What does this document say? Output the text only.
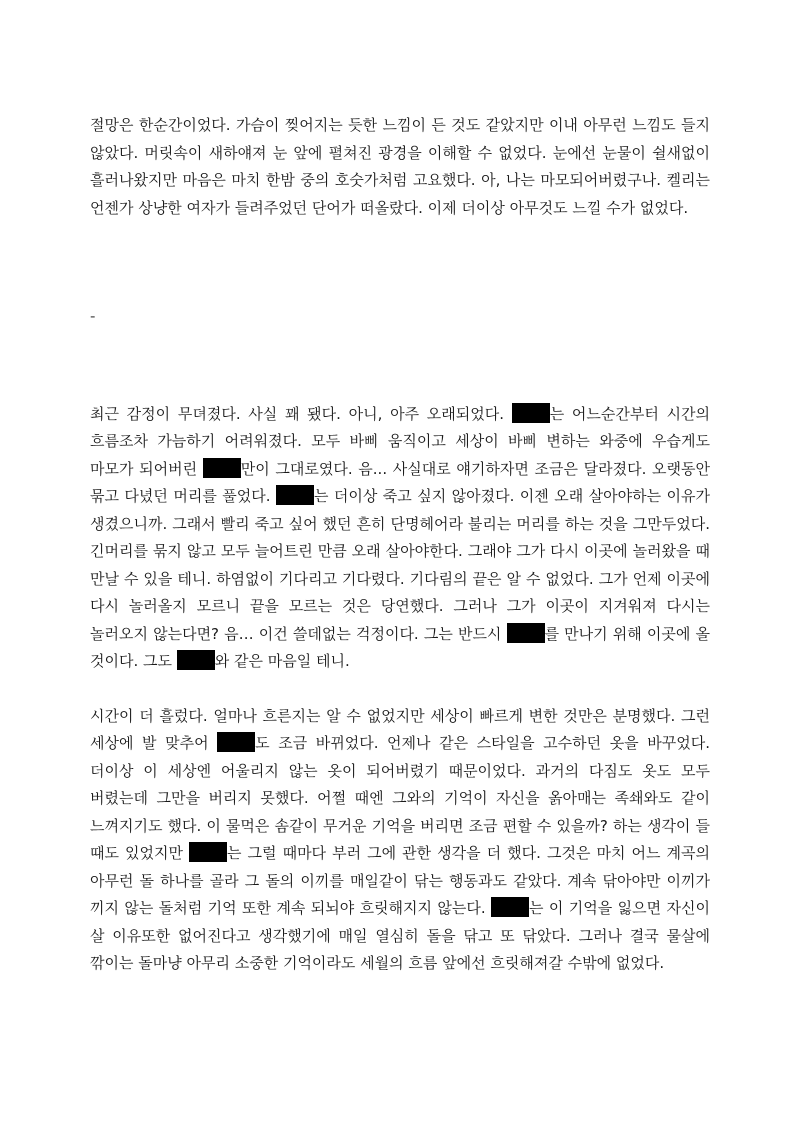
절망은 한순간이었다. 가슴이 찢어지는 듯한 느낌이 든 것도 같았지만 이내 아무런 느낌도 들지 않았다. 머릿속이 새하얘져 눈 앞에 펼쳐진 광경을 이해할 수 없었다. 눈에선 눈물이 쉴새없이 흘러나왔지만 마음은 마치 한밤 중의 호숫가처럼 고요했다. 아, 나는 마모되어버렸구나. 켈리는 언젠가 상냥한 여자가 들려주었던 단어가 떠올랐다. 이제 더이상 아무것도 느낄 수가 없었다.

-

최근 감정이 무뎌졌다. 사실 꽤 됐다. 아니, 아주 오래되었다.	는 어느순간부터 시간의 흐름조차 가늠하기 어려워졌다. 모두 바삐 움직이고 세상이 바삐 변하는 와중에 우습게도 마모가 되어버린	만이 그대로였다. 음... 사실대로 얘기하자면 조금은 달라졌다. 오랫동안 묶고 다녔던 머리를 풀었다.	는 더이상 죽고 싶지 않아졌다. 이젠 오래 살아야하는 이유가 생겼으니까. 그래서 빨리 죽고 싶어 했던 흔히 단명헤어라 불리는 머리를 하는 것을 그만두었다. 긴머리를 묶지 않고 모두 늘어트린 만큼 오래 살아야한다. 그래야 그가 다시 이곳에 놀러왔을 때 만날 수 있을 테니. 하염없이 기다리고 기다렸다. 기다림의 끝은 알 수 없었다. 그가 언제 이곳에 다시 놀러올지 모르니 끝을 모르는 것은 당연했다. 그러나 그가 이곳이 지겨워져 다시는 놀러오지 않는다면? 음… 이건 쓸데없는 걱정이다. 그는 반드시	를 만나기 위해 이곳에 올 것이다. 그도	와 같은 마음일 테니.

시간이 더 흘렀다. 얼마나 흐른지는 알 수 없었지만 세상이 빠르게 변한 것만은 분명했다. 그런 세상에 발 맞추어	도 조금 바뀌었다. 언제나 같은 스타일을 고수하던 옷을 바꾸었다. 더이상 이 세상엔 어울리지 않는 옷이 되어버렸기 때문이었다. 과거의 다짐도 옷도 모두 버렸는데 그만을 버리지 못했다. 어쩔 때엔 그와의 기억이 자신을 옭아매는 족쇄와도 같이 느껴지기도 했다. 이 물먹은 솜같이 무거운 기억을 버리면 조금 편할 수 있을까? 하는 생각이 들 때도 있었지만	는 그럴 때마다 부러 그에 관한 생각을 더 했다. 그것은 마치 어느 계곡의 아무런 돌 하나를 골라 그 돌의 이끼를 매일같이 닦는 행동과도 같았다. 계속 닦아야만 이끼가 끼지 않는 돌처럼 기억 또한 계속 되뇌야 흐릿해지지 않는다.	는 이 기억을 잃으면 자신이 살 이유또한 없어진다고 생각했기에 매일 열심히 돌을 닦고 또 닦았다. 그러나 결국 물살에 깎이는 돌마냥 아무리 소중한 기억이라도 세월의 흐름 앞에선 흐릿해져갈 수밖에 없었다.
